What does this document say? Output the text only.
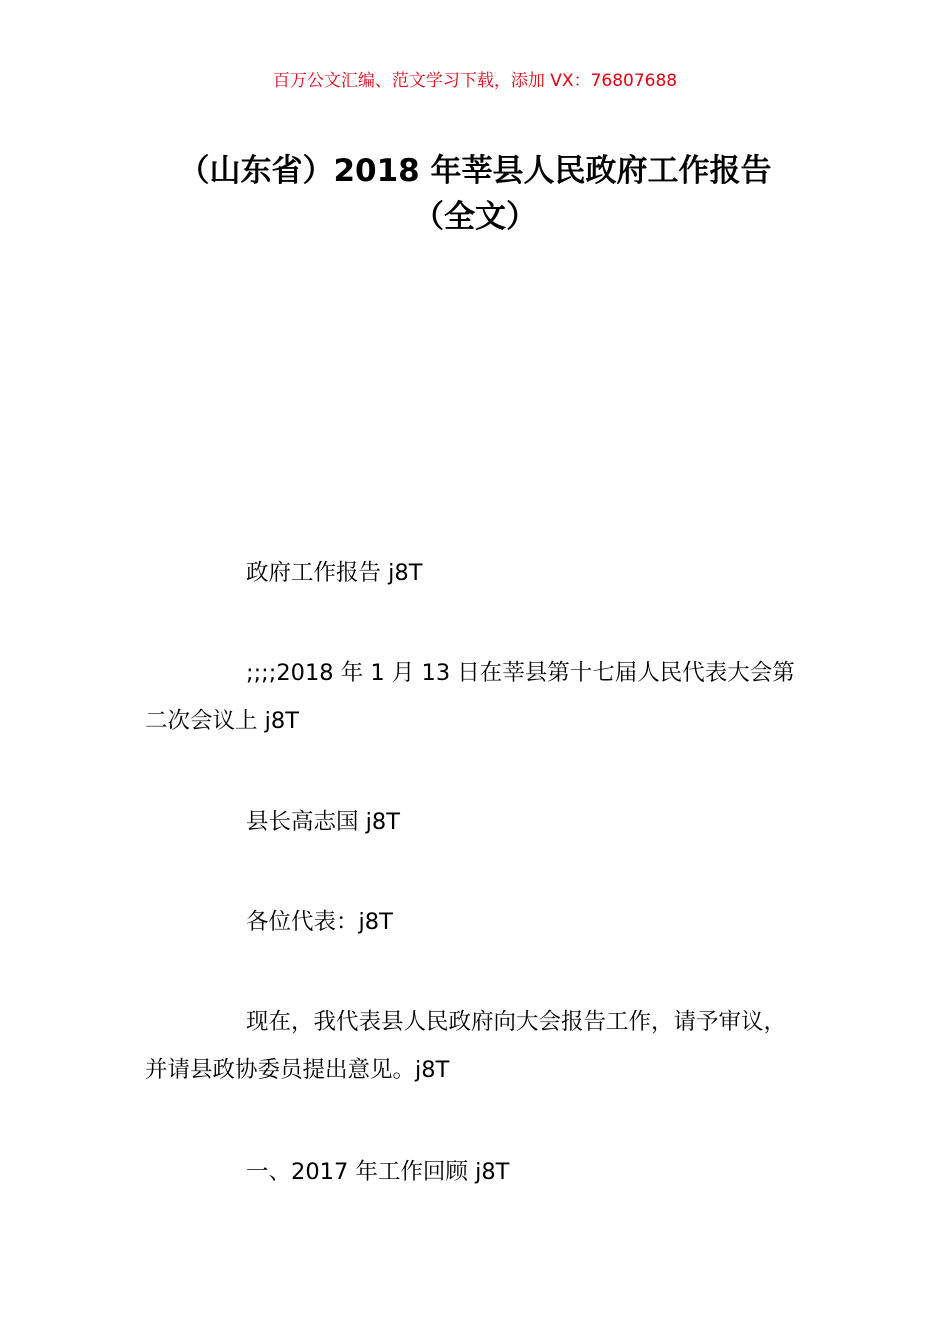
百万公文汇编、范文学习下载，添加 VX：76807688
（山东省）2018 年莘县人民政府工作报告
（全文）
政府工作报告 j8T
;;;;2018 年 1 月 13 日在莘县第十七届人民代表大会第二次会议上 j8T
县长高志国 j8T
各位代表：j8T
现在，我代表县人民政府向大会报告工作，请予审议，并请县政协委员提出意见。j8T
一、2017 年工作回顾 j8T
